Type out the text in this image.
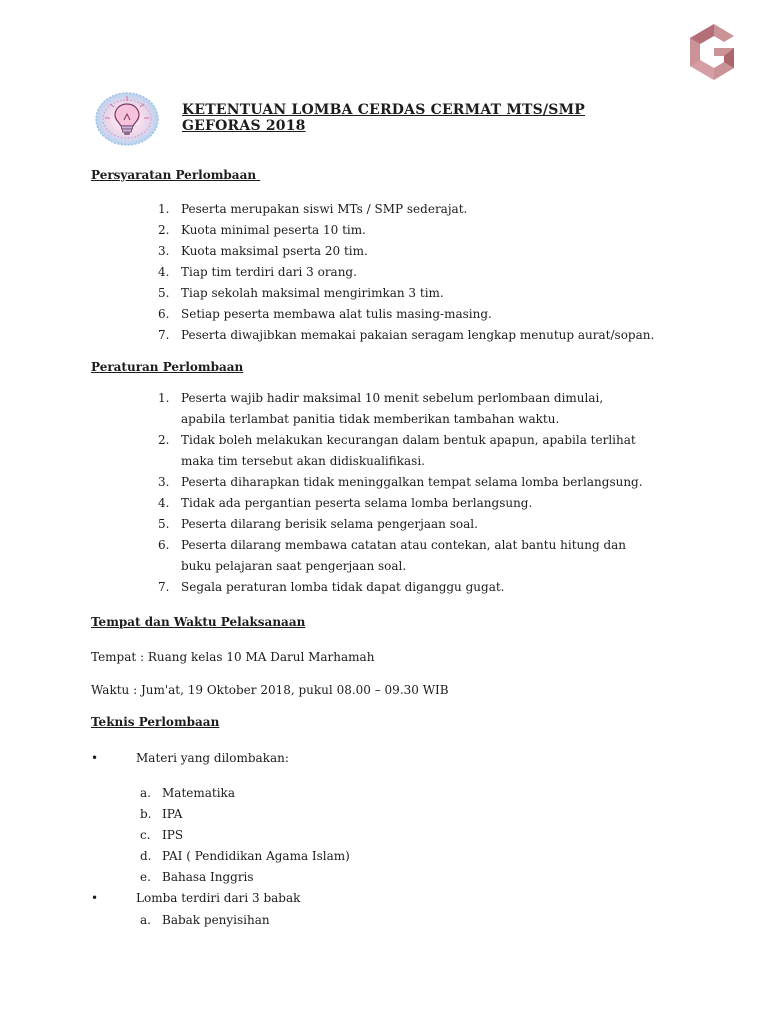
KETENTUAN LOMBA CERDAS CERMAT MTS/SMP
GEFORAS 2018
Persyaratan Perlombaan
1. Peserta merupakan siswi MTs / SMP sederajat.
2. Kuota minimal peserta 10 tim.
3. Kuota maksimal pserta 20 tim.
4. Tiap tim terdiri dari 3 orang.
5. Tiap sekolah maksimal mengirimkan 3 tim.
6. Setiap peserta membawa alat tulis masing-masing.
7. Peserta diwajibkan memakai pakaian seragam lengkap menutup aurat/sopan.
Peraturan Perlombaan
1. Peserta wajib hadir maksimal 10 menit sebelum perlombaan dimulai,
apabila terlambat panitia tidak memberikan tambahan waktu.
2. Tidak boleh melakukan kecurangan dalam bentuk apapun, apabila terlihat
maka tim tersebut akan didiskualifikasi.
3. Peserta diharapkan tidak meninggalkan tempat selama lomba berlangsung.
4. Tidak ada pergantian peserta selama lomba berlangsung.
5. Peserta dilarang berisik selama pengerjaan soal.
6. Peserta dilarang membawa catatan atau contekan, alat bantu hitung dan
buku pelajaran saat pengerjaan soal.
7. Segala peraturan lomba tidak dapat diganggu gugat.
Tempat dan Waktu Pelaksanaan
Tempat : Ruang kelas 10 MA Darul Marhamah
Waktu : Jum'at, 19 Oktober 2018, pukul 08.00 – 09.30 WIB
Teknis Perlombaan
•	Materi yang dilombakan:
a. Matematika
b. IPA
c. IPS
d. PAI ( Pendidikan Agama Islam)
e. Bahasa Inggris
•	Lomba terdiri dari 3 babak
a. Babak penyisihan
